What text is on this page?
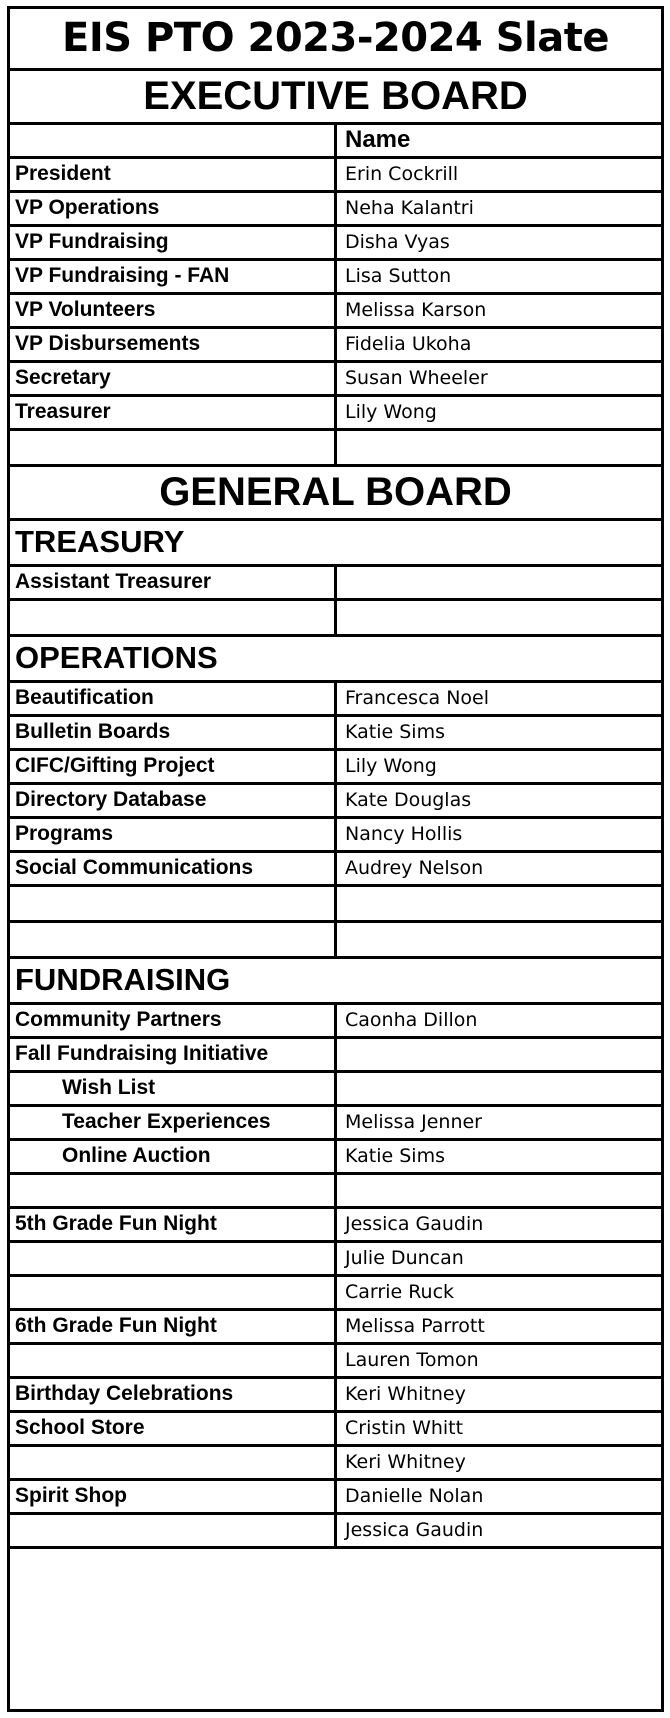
EIS PTO 2023-2024 Slate	
EXECUTIVE BOARD	
	Name
President	Erin Cockrill
VP Operations	Neha Kalantri
VP Fundraising	Disha Vyas
VP Fundraising - FAN	Lisa Sutton
VP Volunteers	Melissa Karson
VP Disbursements	Fidelia Ukoha
Secretary	Susan Wheeler
Treasurer	Lily Wong

GENERAL BOARD	
TREASURY	
Assistant Treasurer	

OPERATIONS	
Beautification	Francesca Noel
Bulletin Boards	Katie Sims
CIFC/Gifting Project	Lily Wong
Directory Database	Kate Douglas
Programs	Nancy Hollis
Social Communications	Audrey Nelson

FUNDRAISING	
Community Partners	Caonha Dillon
Fall Fundraising Initiative	
Wish List	
Teacher Experiences	Melissa Jenner
Online Auction	Katie Sims

5th Grade Fun Night	Jessica Gaudin
	Julie Duncan
	Carrie Ruck
6th Grade Fun Night	Melissa Parrott
	Lauren Tomon
Birthday Celebrations	Keri Whitney
School Store	Cristin Whitt
	Keri Whitney
Spirit Shop	Danielle Nolan
	Jessica Gaudin
